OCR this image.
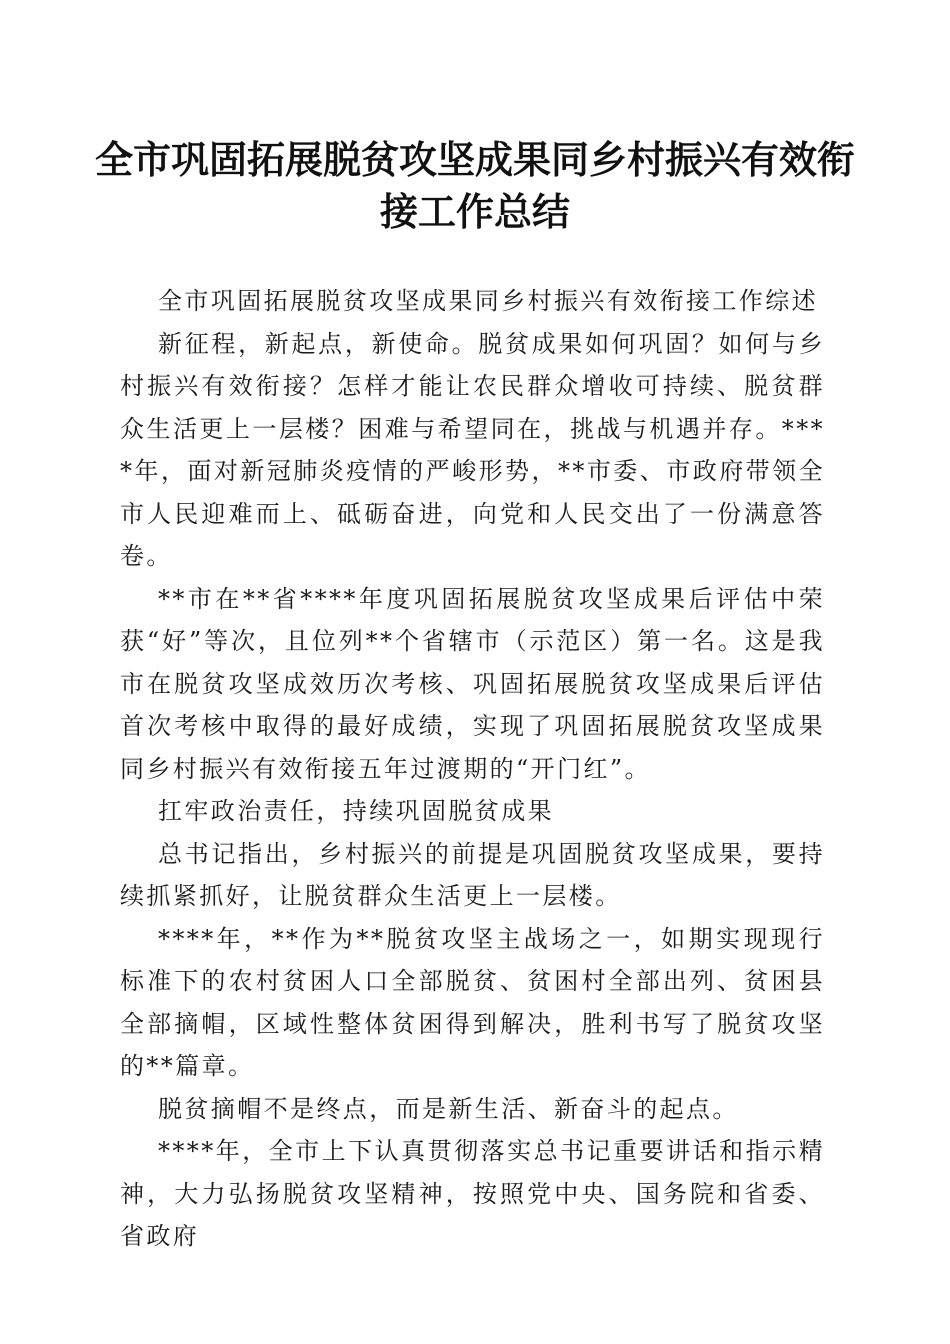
全市巩固拓展脱贫攻坚成果同乡村振兴有效衔接工作总结

全市巩固拓展脱贫攻坚成果同乡村振兴有效衔接工作综述

新征程，新起点，新使命。脱贫成果如何巩固？如何与乡村振兴有效衔接？怎样才能让农民群众增收可持续、脱贫群众生活更上一层楼？困难与希望同在，挑战与机遇并存。****年，面对新冠肺炎疫情的严峻形势，**市委、市政府带领全市人民迎难而上、砥砺奋进，向党和人民交出了一份满意答卷。

**市在**省****年度巩固拓展脱贫攻坚成果后评估中荣获“好”等次，且位列**个省辖市（示范区）第一名。这是我市在脱贫攻坚成效历次考核、巩固拓展脱贫攻坚成果后评估首次考核中取得的最好成绩，实现了巩固拓展脱贫攻坚成果同乡村振兴有效衔接五年过渡期的“开门红”。

扛牢政治责任，持续巩固脱贫成果

总书记指出，乡村振兴的前提是巩固脱贫攻坚成果，要持续抓紧抓好，让脱贫群众生活更上一层楼。

****年，**作为**脱贫攻坚主战场之一，如期实现现行标准下的农村贫困人口全部脱贫、贫困村全部出列、贫困县全部摘帽，区域性整体贫困得到解决，胜利书写了脱贫攻坚的**篇章。

脱贫摘帽不是终点，而是新生活、新奋斗的起点。

****年，全市上下认真贯彻落实总书记重要讲话和指示精神，大力弘扬脱贫攻坚精神，按照党中央、国务院和省委、省政府
